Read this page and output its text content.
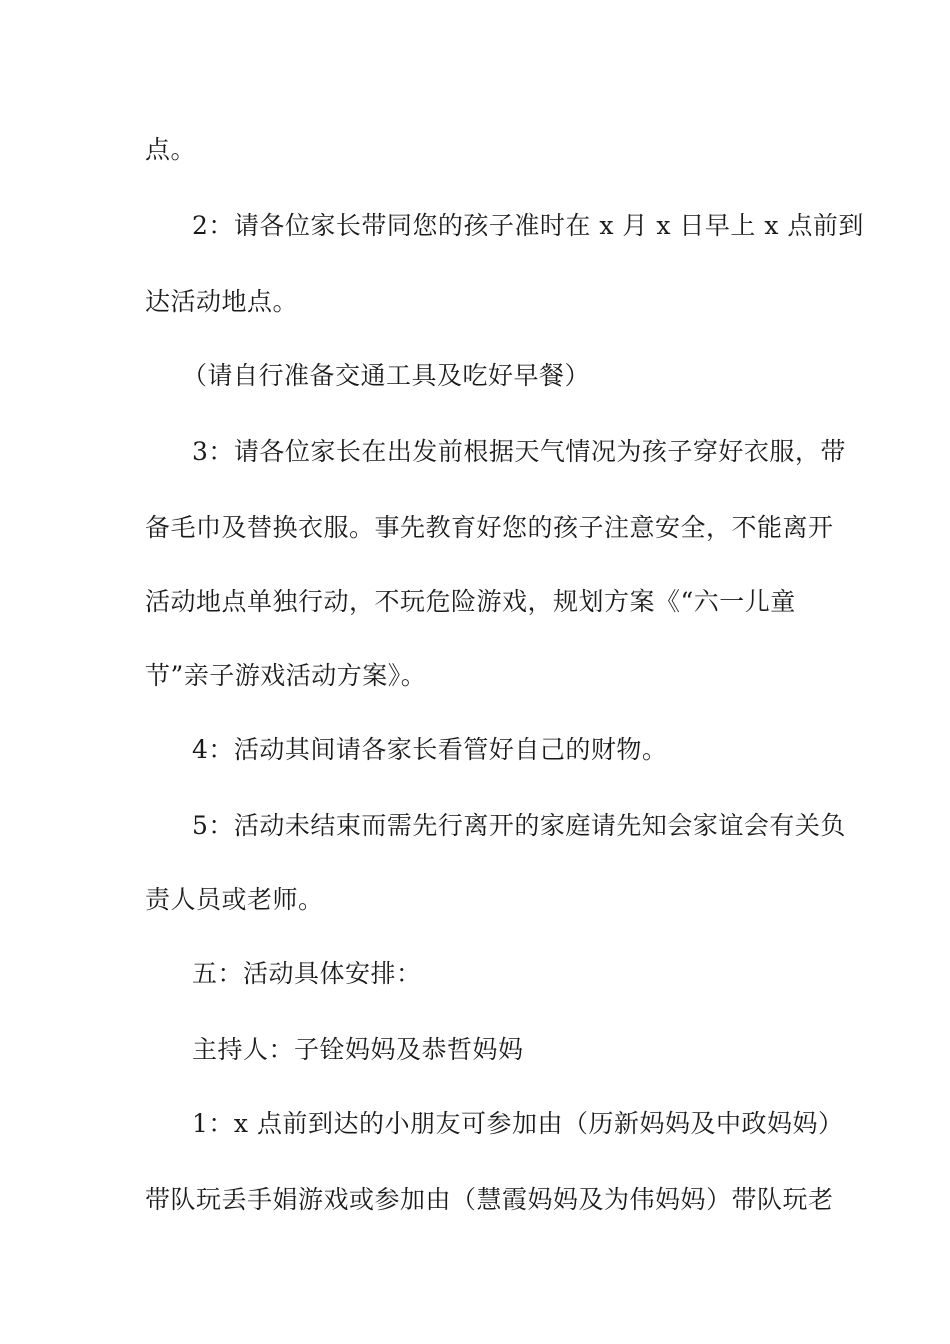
点。
2：请各位家长带同您的孩子准时在 x 月 x 日早上 x 点前到
达活动地点。
（请自行准备交通工具及吃好早餐）
3：请各位家长在出发前根据天气情况为孩子穿好衣服，带
备毛巾及替换衣服。事先教育好您的孩子注意安全，不能离开
活动地点单独行动，不玩危险游戏，规划方案《“六一儿童
节”亲子游戏活动方案》。
4：活动其间请各家长看管好自己的财物。
5：活动未结束而需先行离开的家庭请先知会家谊会有关负
责人员或老师。
五：活动具体安排：
主持人：子铨妈妈及恭哲妈妈
1：x 点前到达的小朋友可参加由（历新妈妈及中政妈妈）
带队玩丢手娟游戏或参加由（慧霞妈妈及为伟妈妈）带队玩老
